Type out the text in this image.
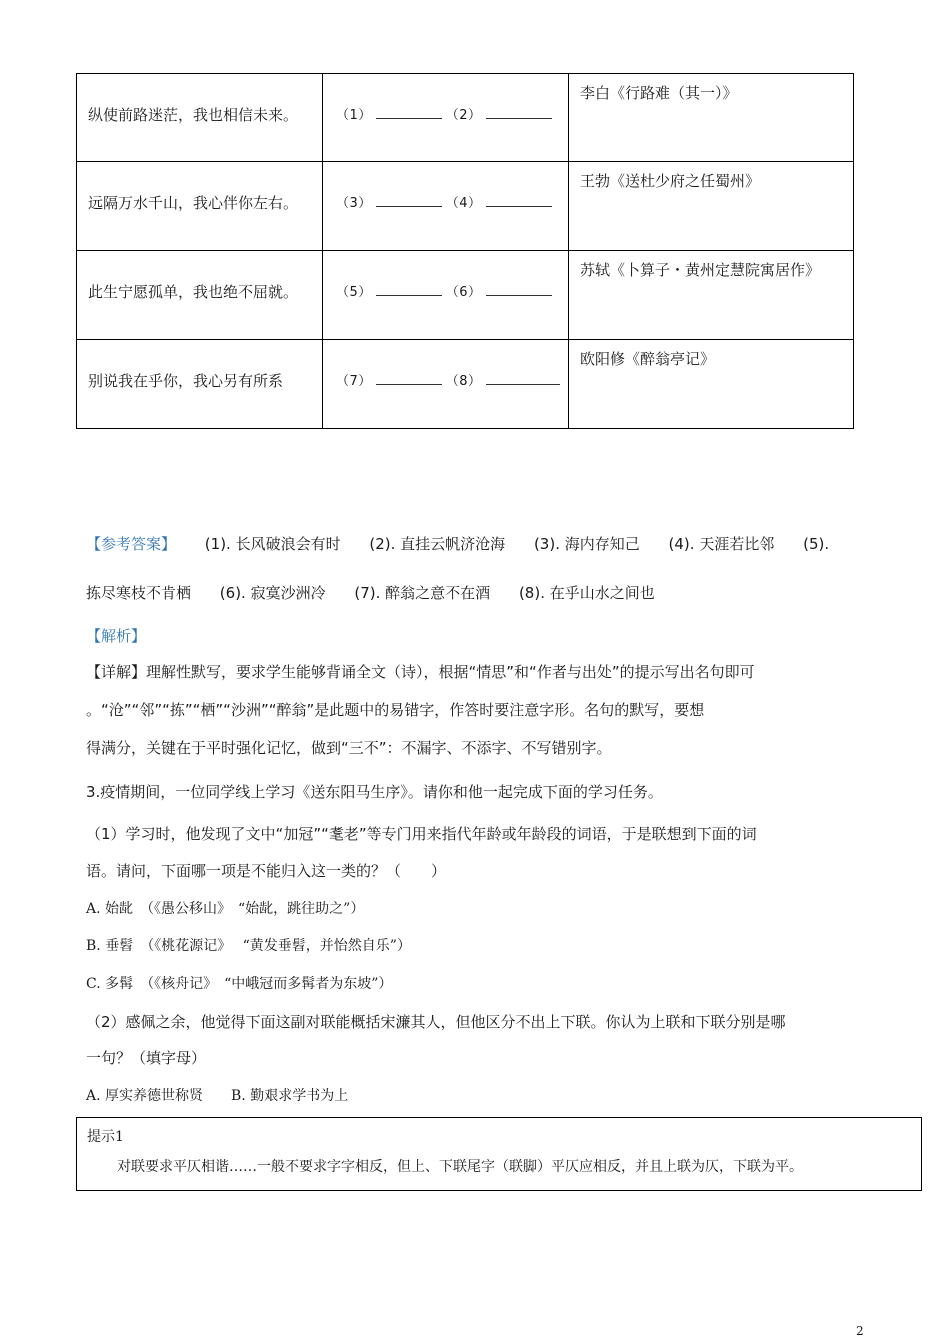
纵使前路迷茫，我也相信未来。	（1） （2）	李白《行路难（其一）》

远隔万水千山，我心伴你左右。	（3） （4）	王勃《送杜少府之任蜀州》

此生宁愿孤单，我也绝不屈就。	（5） （6）	苏轼《卜算子・黄州定慧院寓居作》

别说我在乎你，我心另有所系	（7） （8）	欧阳修《醉翁亭记》
【参考答案】 (1). 长风破浪会有时 (2). 直挂云帆济沧海 (3). 海内存知己 (4). 天涯若比邻 (5).
拣尽寒枝不肯栖 (6). 寂寞沙洲冷 (7). 醉翁之意不在酒 (8). 在乎山水之间也
【解析】
【详解】理解性默写，要求学生能够背诵全文（诗），根据“情思”和“作者与出处”的提示写出名句即可
。“沧”“邻”“拣”“栖”“沙洲”“醉翁”是此题中的易错字，作答时要注意字形。名句的默写，要想
得满分，关键在于平时强化记忆，做到“三不”：不漏字、不添字、不写错别字。
3.疫情期间，一位同学线上学习《送东阳马生序》。请你和他一起完成下面的学习任务。
（1）学习时，他发现了文中“加冠”“耄老”等专门用来指代年龄或年龄段的词语，于是联想到下面的词
语。请问，下面哪一项是不能归入这一类的？（　　）
A. 始龀　（《愚公移山》　“始龀，跳往助之”）
B. 垂髫　（《桃花源记》　 “黄发垂髫，并怡然自乐”）
C. 多髯　（《核舟记》　“中峨冠而多髯者为东坡”）
（2）感佩之余，他觉得下面这副对联能概括宋濂其人，但他区分不出上下联。你认为上联和下联分别是哪
一句？（填字母）
A. 厚实养德世称贤　　B. 勤艰求学书为上
提示1
对联要求平仄相谐……一般不要求字字相反，但上、下联尾字（联脚）平仄应相反，并且上联为仄，下联为平。
2
